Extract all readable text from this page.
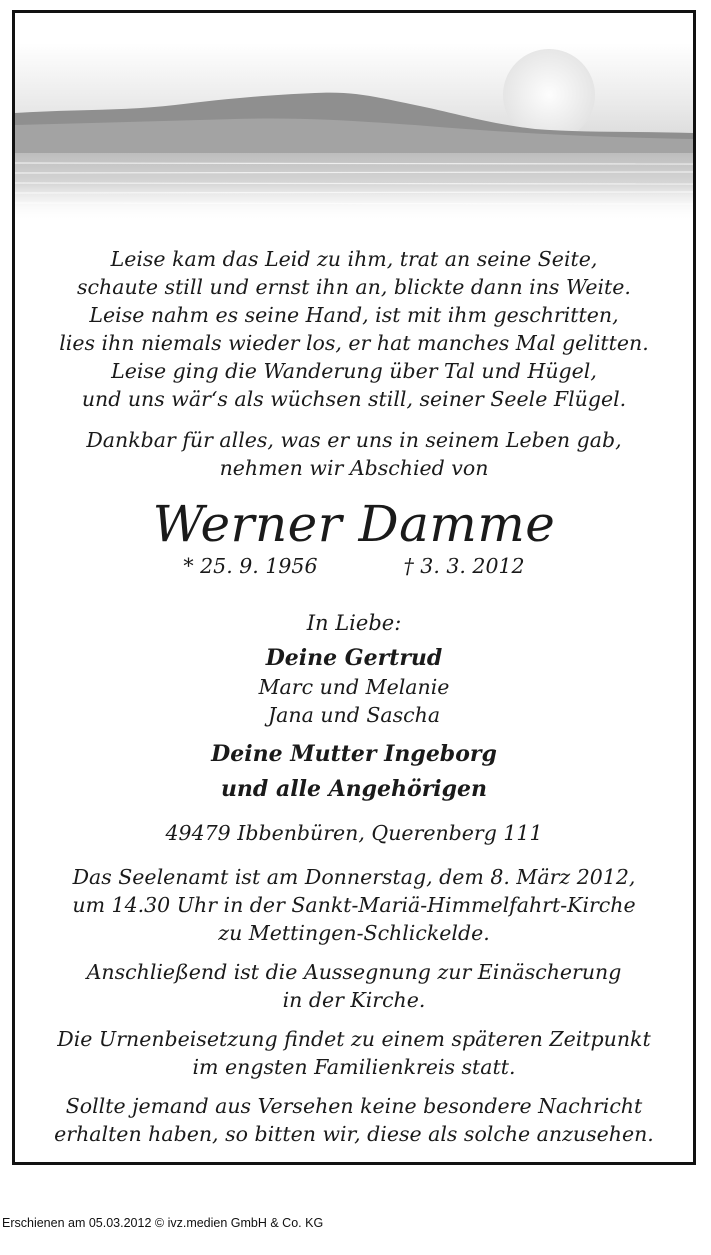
Leise kam das Leid zu ihm, trat an seine Seite,
schaute still und ernst ihn an, blickte dann ins Weite.
Leise nahm es seine Hand, ist mit ihm geschritten,
lies ihn niemals wieder los, er hat manches Mal gelitten.
Leise ging die Wanderung über Tal und Hügel,
und uns wär‘s als wüchsen still, seiner Seele Flügel.
Dankbar für alles, was er uns in seinem Leben gab,
nehmen wir Abschied von
Werner Damme
* 25. 9. 1956	† 3. 3. 2012
In Liebe:
Deine Gertrud
Marc und Melanie
Jana und Sascha
Deine Mutter Ingeborg
und alle Angehörigen
49479 Ibbenbüren, Querenberg 111
Das Seelenamt ist am Donnerstag, dem 8. März 2012,
um 14.30 Uhr in der Sankt-Mariä-Himmelfahrt-Kirche
zu Mettingen-Schlickelde.
Anschließend ist die Aussegnung zur Einäscherung
in der Kirche.
Die Urnenbeisetzung findet zu einem späteren Zeitpunkt
im engsten Familienkreis statt.
Sollte jemand aus Versehen keine besondere Nachricht
erhalten haben, so bitten wir, diese als solche anzusehen.
Erschienen am 05.03.2012 © ivz.medien GmbH & Co. KG
